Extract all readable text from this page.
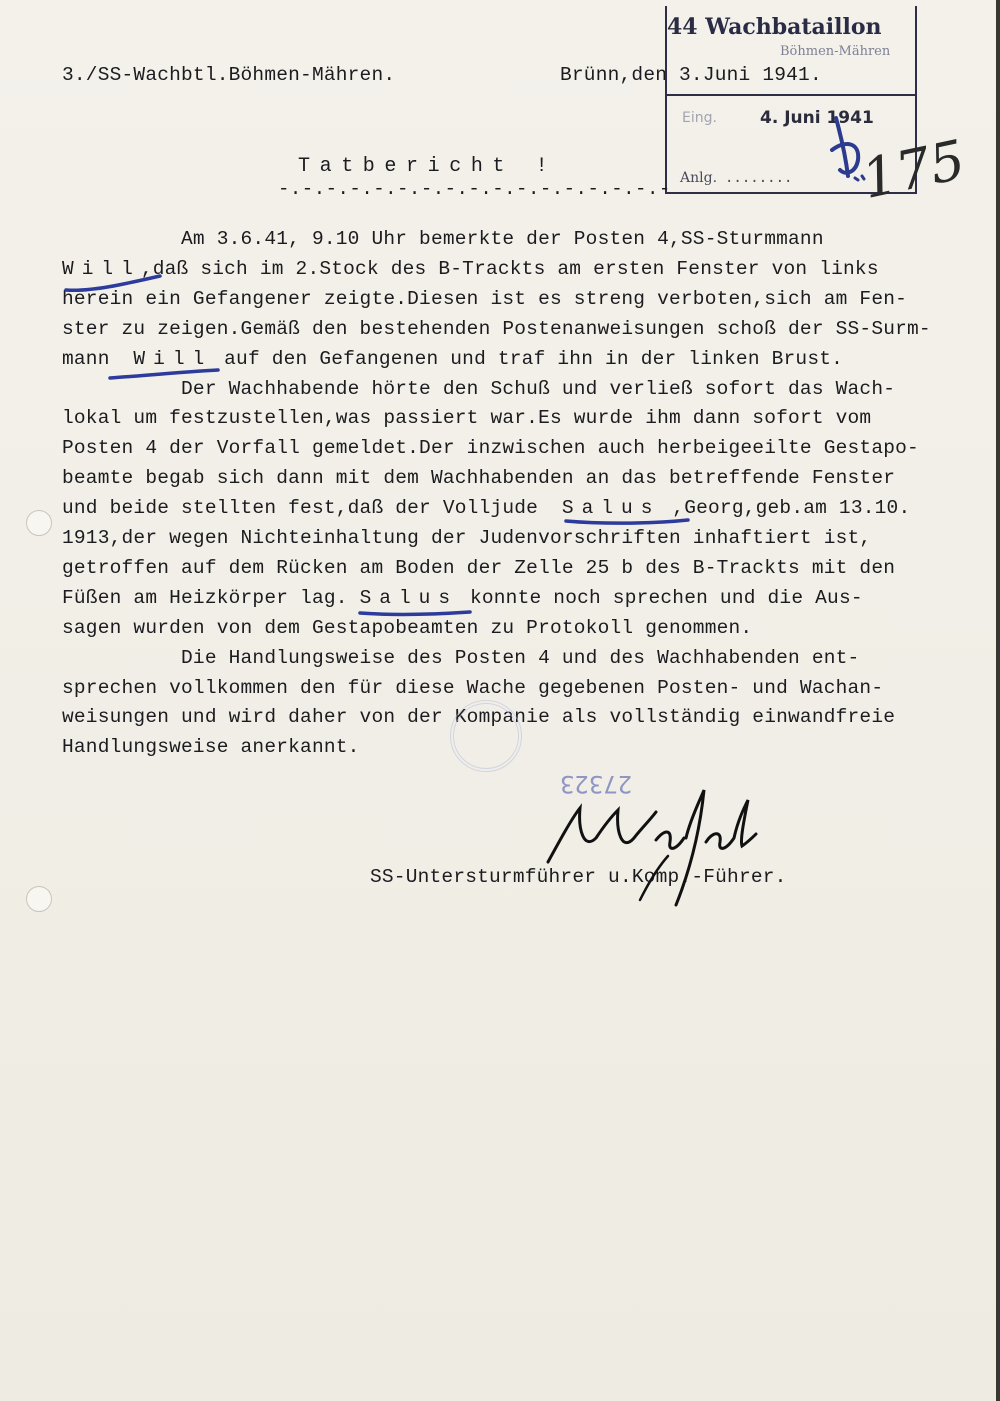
3./SS-Wachbtl.Böhmen-Mähren.	Brünn,den 3.Juni 1941.
44 Wachbataillon
Böhmen-Mähren
Eing.	4. Juni 1941
Anlg. ........ 175
Tatbericht !
-.-.-.-.-.-.-.-.-.-.-.-.-.-.-.-.-
Am 3.6.41, 9.10 Uhr bemerkte der Posten 4,SS-Sturmmann
Will,daß sich im 2.Stock des B-Trackts am ersten Fenster von links
herein ein Gefangener zeigte.Diesen ist es streng verboten,sich am Fen-
ster zu zeigen.Gemäß den bestehenden Postenanweisungen schoß der SS-Surm-
mann  Will auf den Gefangenen und traf ihn in der linken Brust.
Der Wachhabende hörte den Schuß und verließ sofort das Wach-
lokal um festzustellen,was passiert war.Es wurde ihm dann sofort vom
Posten 4 der Vorfall gemeldet.Der inzwischen auch herbeigeeilte Gestapo-
beamte begab sich dann mit dem Wachhabenden an das betreffende Fenster
und beide stellten fest,daß der Volljude  Salus ,Georg,geb.am 13.10.
1913,der wegen Nichteinhaltung der Judenvorschriften inhaftiert ist,
getroffen auf dem Rücken am Boden der Zelle 25 b des B-Trackts mit den
Füßen am Heizkörper lag. Salus konnte noch sprechen und die Aus-
sagen wurden von dem Gestapobeamten zu Protokoll genommen.
Die Handlungsweise des Posten 4 und des Wachhabenden ent-
sprechen vollkommen den für diese Wache gegebenen Posten- und Wachan-
weisungen und wird daher von der Kompanie als vollständig einwandfreie
Handlungsweise anerkannt.
27323
SS-Untersturmführer u.Komp.-Führer.
